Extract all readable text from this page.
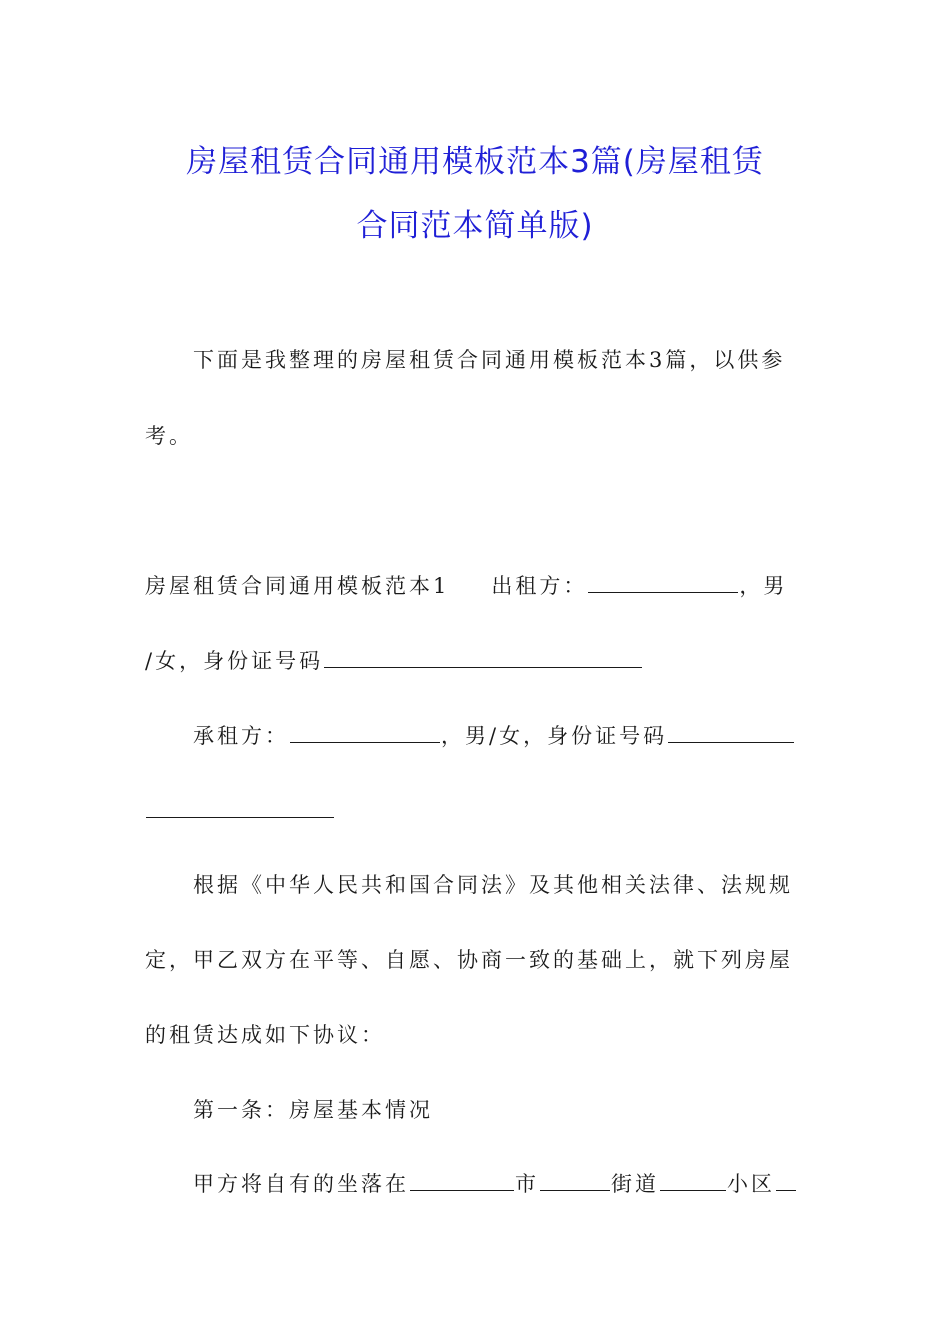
房屋租赁合同通用模板范本3篇(房屋租赁
合同范本简单版)

下面是我整理的房屋租赁合同通用模板范本3篇，以供参

考。

房屋租赁合同通用模板范本1 出租方：	，男

/女，身份证号码

承租方：	，男/女，身份证号码

根据《中华人民共和国合同法》及其他相关法律、法规规

定，甲乙双方在平等、自愿、协商一致的基础上，就下列房屋

的租赁达成如下协议：

第一条：房屋基本情况

甲方将自有的坐落在	市	街道	小区
